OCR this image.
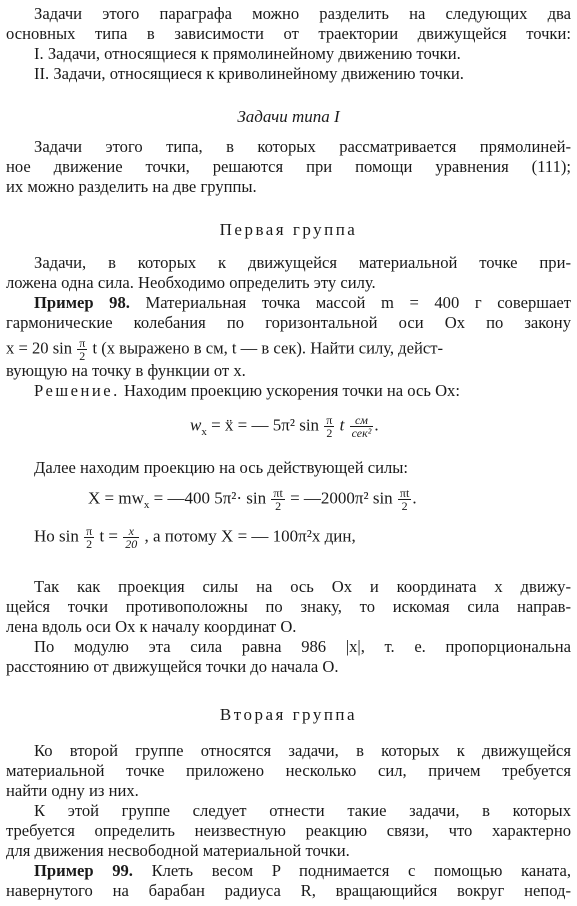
Задачи этого параграфа можно разделить на следующих два
основных типа в зависимости от траектории движущейся точки:
I. Задачи, относящиеся к прямолинейному движению точки.
II. Задачи, относящиеся к криволинейному движению точки.
Задачи типа I
Задачи этого типа, в которых рассматривается прямолиней-
ное движение точки, решаются при помощи уравнения (111);
их можно разделить на две группы.
Первая группа
Задачи, в которых к движущейся материальной точке при-
ложена одна сила. Необходимо определить эту силу.
Пример 98. Материальная точка массой m = 400 г совершает
гармонические колебания по горизонтальной оси Ox по закону
x = 20 $\sin \frac{\pi}{2}$ t (x выражено в см, t — в сек). Найти силу, дейст-
вующую на точку в функции от x.
Решение. Находим проекцию ускорения точки на ось Ox:
$w_x$ = ẍ = — 5π² $\sin \frac{\pi}{2}$ t $\frac{см}{\text{сек²}}$ .
Далее находим проекцию на ось действующей силы:
$X = mw_x$ = —400 $5\pi^2\cdot \sin \frac{\pi t}{2}$ = —2000π² $\sin \frac{\pi t}{2}$ .
Но $\sin \frac{\pi}{2}$ $t = \frac{x}{20}$ , а потому X = — 100π²x дин,
Так как проекция силы на ось Ox и координата x движу-
щейся точки противоположны по знаку, то искомая сила направ-
лена вдоль оси Ox к началу координат O.
По модулю эта сила равна 986 |x|, т. е. пропорциональна
расстоянию от движущейся точки до начала O.
Вторая группа
Ко второй группе относятся задачи, в которых к движущейся
материальной точке приложено несколько сил, причем требуется
найти одну из них.
К этой группе следует отнести такие задачи, в которых
требуется определить неизвестную реакцию связи, что характерно
для движения несвободной материальной точки.
Пример 99. Клеть весом P поднимается с помощью каната,
навернутого на барабан радиуса R, вращающийся вокруг непод-
